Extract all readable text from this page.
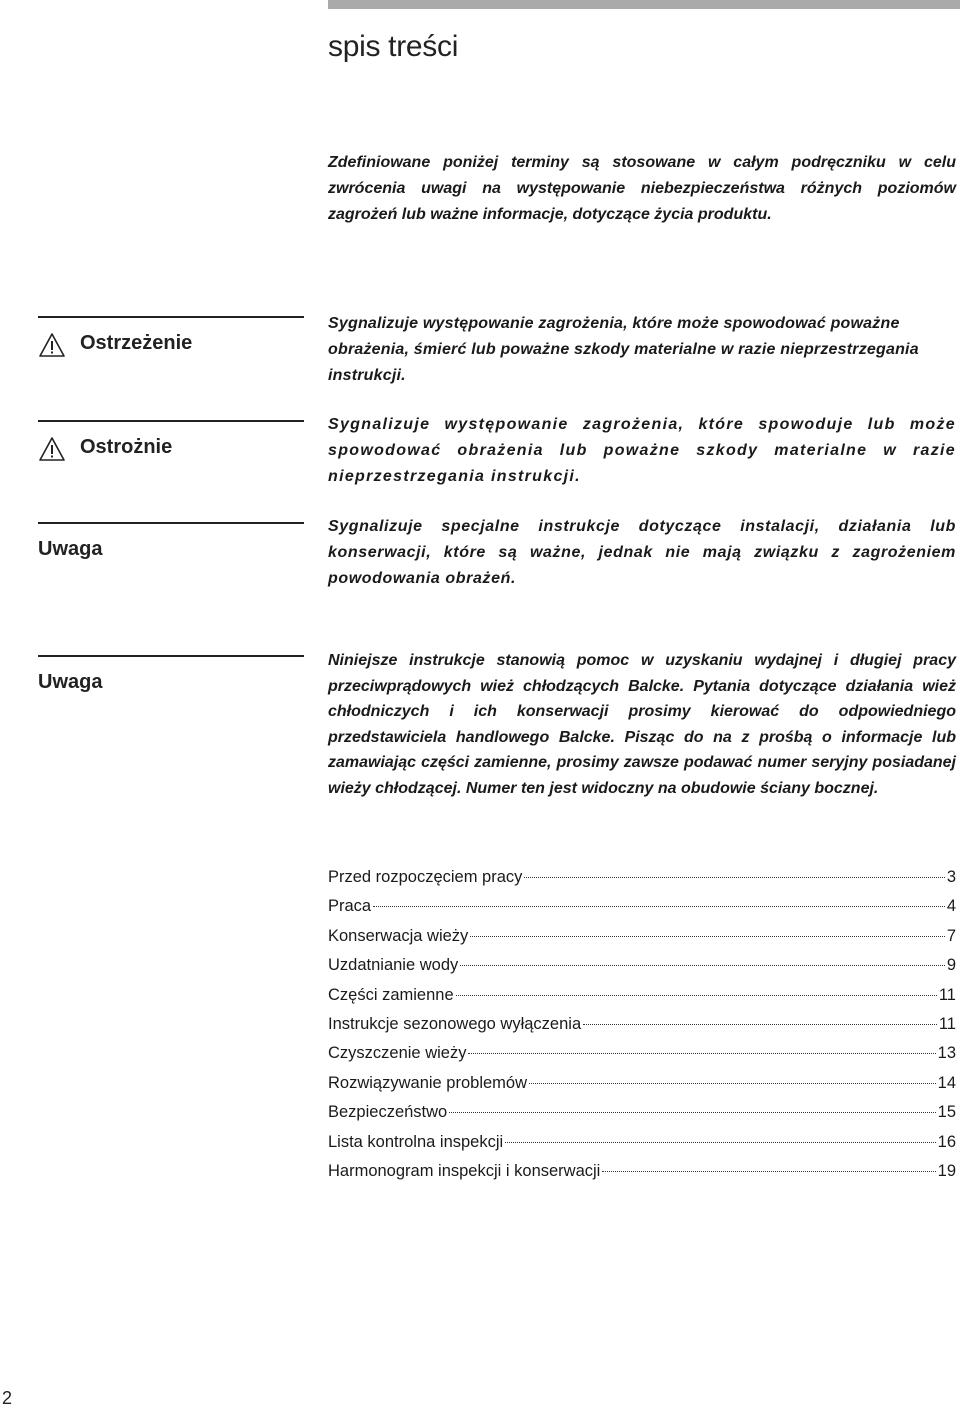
spis treści

Zdefiniowane poniżej terminy są stosowane w całym podręczniku w celu zwrócenia uwagi na występowanie niebezpieczeństwa różnych poziomów zagrożeń lub ważne informacje, dotyczące życia produktu.

Ostrzeżenie

Sygnalizuje występowanie zagrożenia, które może spowodować poważne obrażenia, śmierć lub poważne szkody materialne w razie nieprzestrzegania instrukcji.

Ostrożnie

Sygnalizuje występowanie zagrożenia, które spowoduje lub może spowodować obrażenia lub poważne szkody materialne w razie nieprzestrzegania instrukcji.

Uwaga

Sygnalizuje specjalne instrukcje dotyczące instalacji, działania lub konserwacji, które są ważne, jednak nie mają związku z zagrożeniem powodowania obrażeń.

Uwaga

Niniejsze instrukcje stanowią pomoc w uzyskaniu wydajnej i długiej pracy przeciwprądowych wież chłodzących Balcke. Pytania dotyczące działania wież chłodniczych i ich konserwacji prosimy kierować do odpowiedniego przedstawiciela handlowego Balcke. Pisząc do na z prośbą o informacje lub zamawiając części zamienne, prosimy zawsze podawać numer seryjny posiadanej wieży chłodzącej. Numer ten jest widoczny na obudowie ściany bocznej.

Przed rozpoczęciem pracy	3
Praca	4
Konserwacja wieży	7
Uzdatnianie wody	9
Części zamienne	11
Instrukcje sezonowego wyłączenia	11
Czyszczenie wieży	13
Rozwiązywanie problemów	14
Bezpieczeństwo	15
Lista kontrolna inspekcji	16
Harmonogram inspekcji i konserwacji	19
2
